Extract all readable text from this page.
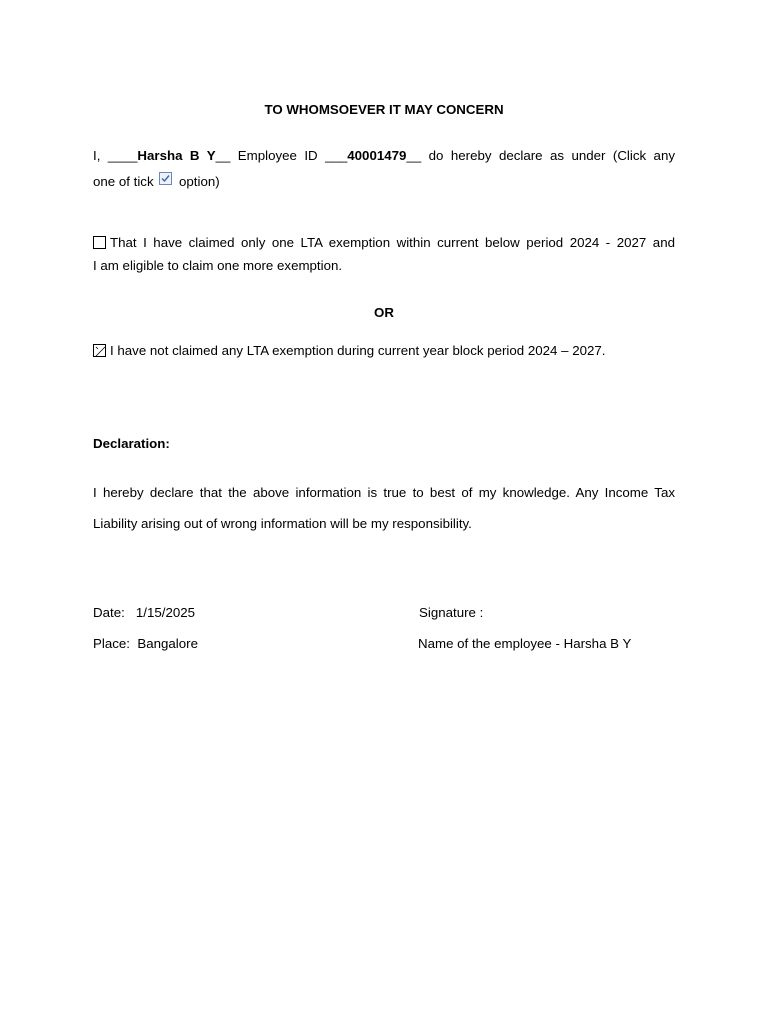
TO WHOMSOEVER IT MAY CONCERN
I, ____Harsha B Y__ Employee ID ___40001479__ do hereby declare as under (Click any
one of tick option)
That I have claimed only one LTA exemption within current below period 2024 - 2027 and
I am eligible to claim one more exemption.
OR
I have not claimed any LTA exemption during current year block period 2024 – 2027.
Declaration:
I hereby declare that the above information is true to best of my knowledge. Any Income Tax
Liability arising out of wrong information will be my responsibility.
Date: 1/15/2025
Place: Bangalore
Signature :
Name of the employee - Harsha B Y
